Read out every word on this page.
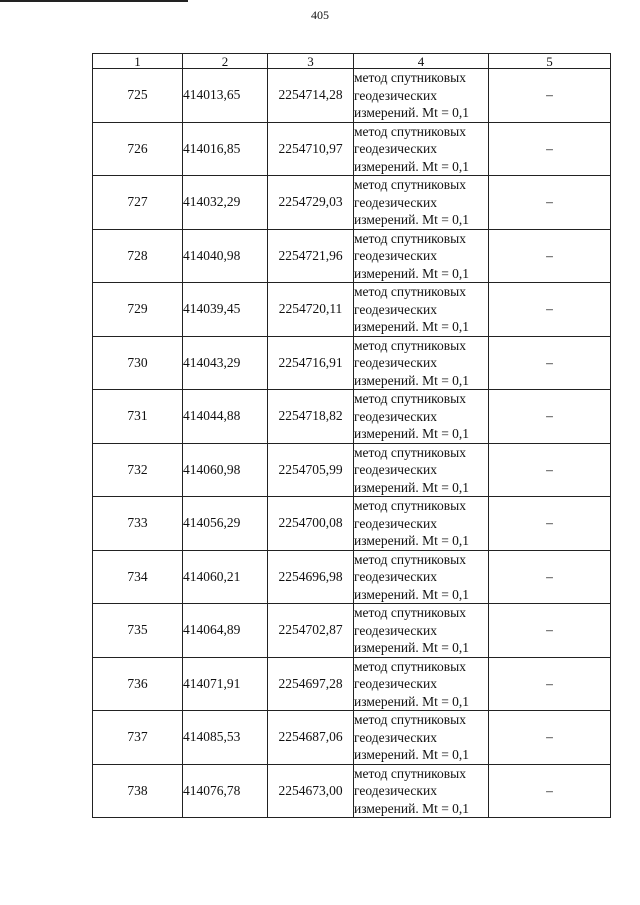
405
1	2	3	4	5
725	414013,65	2254714,28	метод спутниковых
геодезических
измерений. Mt = 0,1	–
726	414016,85	2254710,97	метод спутниковых
геодезических
измерений. Mt = 0,1	–
727	414032,29	2254729,03	метод спутниковых
геодезических
измерений. Mt = 0,1	–
728	414040,98	2254721,96	метод спутниковых
геодезических
измерений. Mt = 0,1	–
729	414039,45	2254720,11	метод спутниковых
геодезических
измерений. Mt = 0,1	–
730	414043,29	2254716,91	метод спутниковых
геодезических
измерений. Mt = 0,1	–
731	414044,88	2254718,82	метод спутниковых
геодезических
измерений. Mt = 0,1	–
732	414060,98	2254705,99	метод спутниковых
геодезических
измерений. Mt = 0,1	–
733	414056,29	2254700,08	метод спутниковых
геодезических
измерений. Mt = 0,1	–
734	414060,21	2254696,98	метод спутниковых
геодезических
измерений. Mt = 0,1	–
735	414064,89	2254702,87	метод спутниковых
геодезических
измерений. Mt = 0,1	–
736	414071,91	2254697,28	метод спутниковых
геодезических
измерений. Mt = 0,1	–
737	414085,53	2254687,06	метод спутниковых
геодезических
измерений. Mt = 0,1	–
738	414076,78	2254673,00	метод спутниковых
геодезических
измерений. Mt = 0,1	–
